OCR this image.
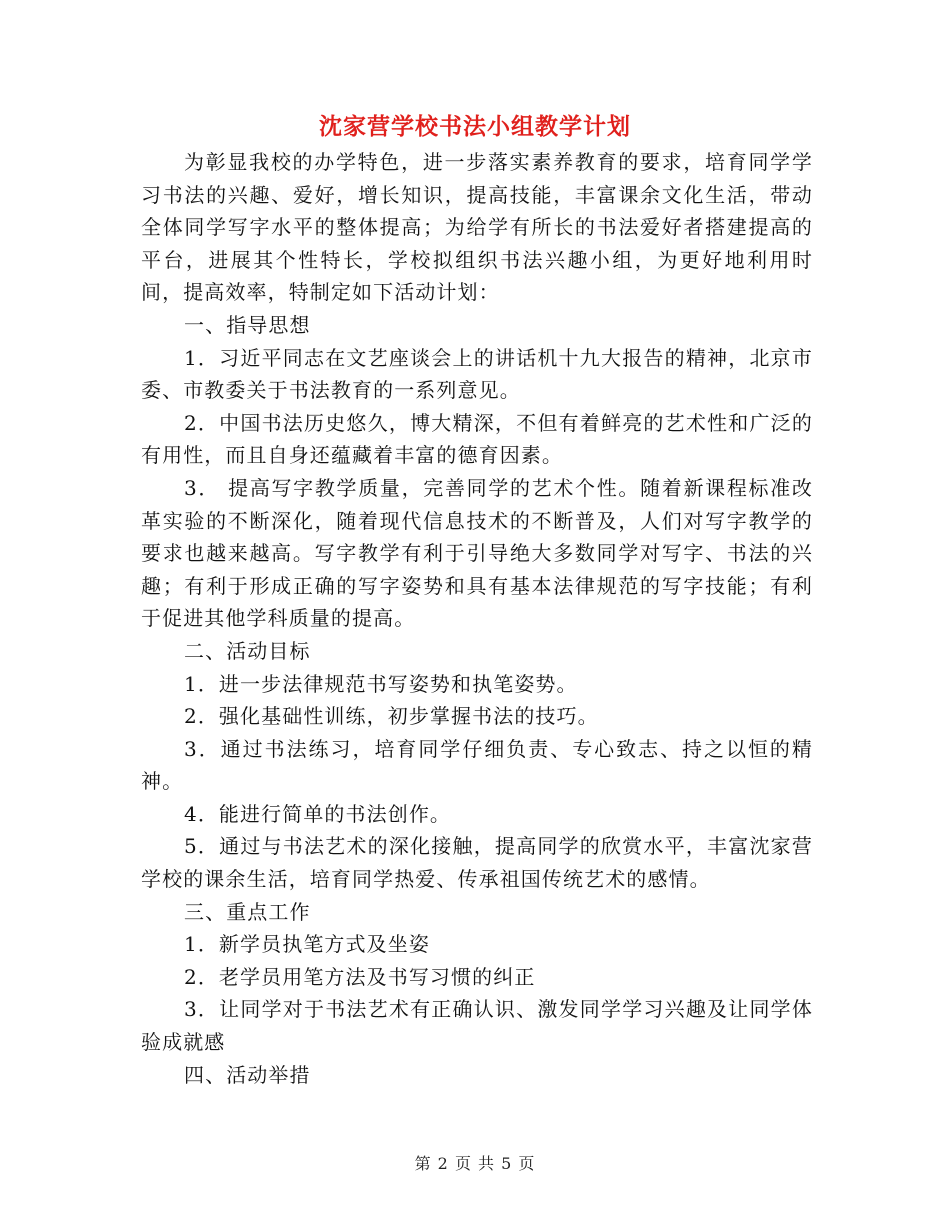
沈家营学校书法小组教学计划

为彰显我校的办学特色，进一步落实素养教育的要求，培育同学学习书法的兴趣、爱好，增长知识，提高技能，丰富课余文化生活，带动全体同学写字水平的整体提高；为给学有所长的书法爱好者搭建提高的平台，进展其个性特长，学校拟组织书法兴趣小组，为更好地利用时间，提高效率，特制定如下活动计划：

一、指导思想

1．习近平同志在文艺座谈会上的讲话机十九大报告的精神，北京市委、市教委关于书法教育的一系列意见。

2．中国书法历史悠久，博大精深，不但有着鲜亮的艺术性和广泛的有用性，而且自身还蕴藏着丰富的德育因素。

3． 提高写字教学质量，完善同学的艺术个性。随着新课程标准改革实验的不断深化，随着现代信息技术的不断普及，人们对写字教学的要求也越来越高。写字教学有利于引导绝大多数同学对写字、书法的兴趣；有利于形成正确的写字姿势和具有基本法律规范的写字技能；有利于促进其他学科质量的提高。

二、活动目标

1．进一步法律规范书写姿势和执笔姿势。

2．强化基础性训练，初步掌握书法的技巧。

3．通过书法练习，培育同学仔细负责、专心致志、持之以恒的精神。

4．能进行简单的书法创作。

5．通过与书法艺术的深化接触，提高同学的欣赏水平，丰富沈家营学校的课余生活，培育同学热爱、传承祖国传统艺术的感情。

三、重点工作

1．新学员执笔方式及坐姿

2．老学员用笔方法及书写习惯的纠正

3．让同学对于书法艺术有正确认识、激发同学学习兴趣及让同学体验成就感

四、活动举措

第 2 页 共 5 页
